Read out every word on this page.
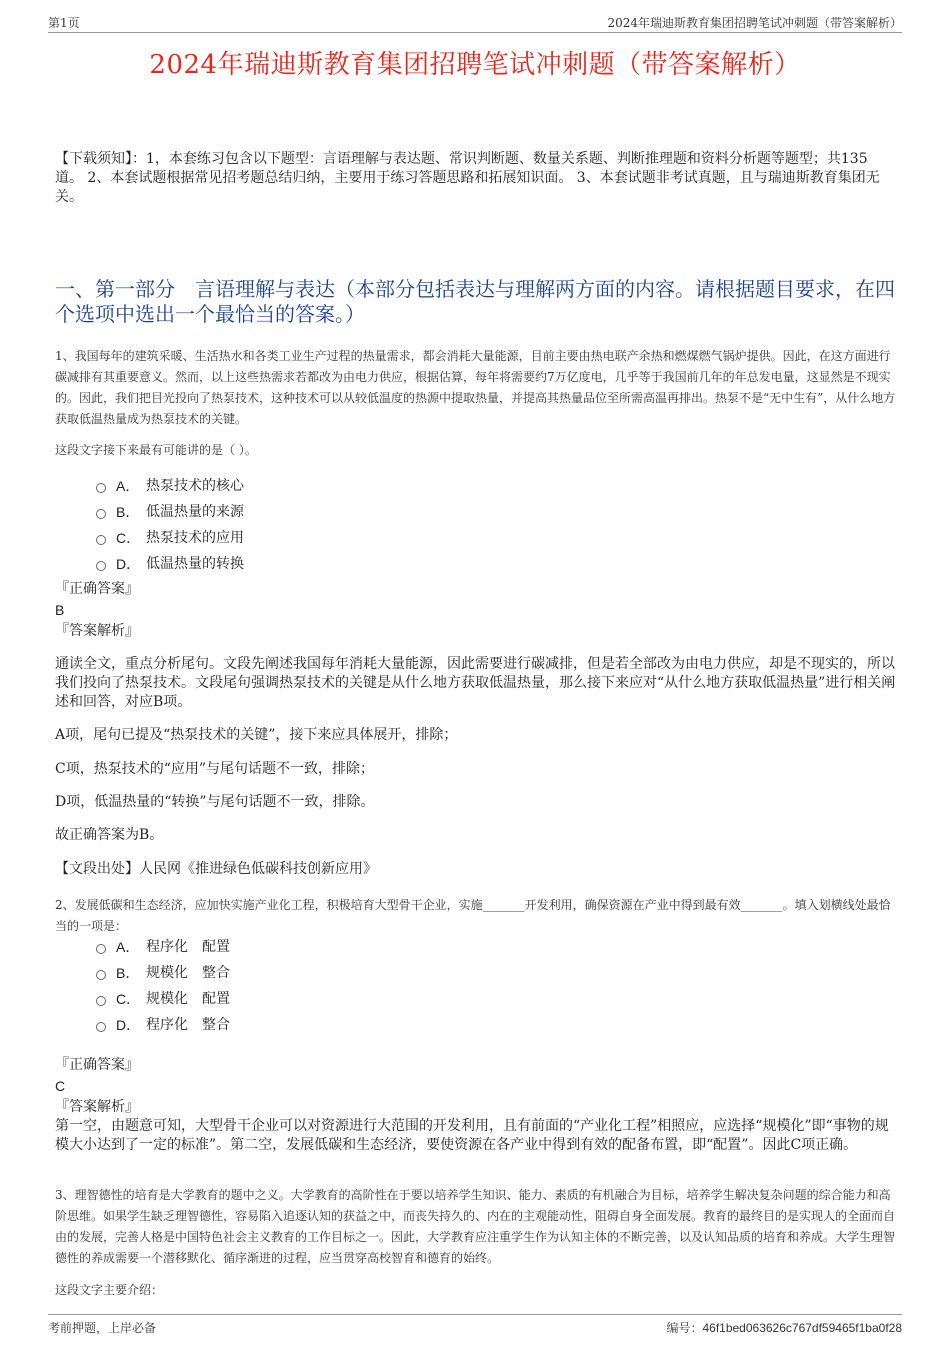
第1页	2024年瑞迪斯教育集团招聘笔试冲刺题（带答案解析）
2024年瑞迪斯教育集团招聘笔试冲刺题（带答案解析）
【下载须知】：1，本套练习包含以下题型：言语理解与表达题、常识判断题、数量关系题、判断推理题和资料分析题等题型；共135道。 2、本套试题根据常见招考题总结归纳，主要用于练习答题思路和拓展知识面。 3、本套试题非考试真题，且与瑞迪斯教育集团无关。
一、第一部分　言语理解与表达（本部分包括表达与理解两方面的内容。请根据题目要求，在四个选项中选出一个最恰当的答案。）
1、我国每年的建筑采暖、生活热水和各类工业生产过程的热量需求，都会消耗大量能源，目前主要由热电联产余热和燃煤燃气锅炉提供。因此，在这方面进行碳减排有其重要意义。然而，以上这些热需求若都改为由电力供应，根据估算，每年将需要约7万亿度电，几乎等于我国前几年的年总发电量，这显然是不现实的。因此，我们把目光投向了热泵技术，这种技术可以从较低温度的热源中提取热量，并提高其热量品位至所需高温再排出。热泵不是“无中生有”，从什么地方获取低温热量成为热泵技术的关键。
这段文字接下来最有可能讲的是（ ）。
A． 热泵技术的核心
B． 低温热量的来源
C． 热泵技术的应用
D． 低温热量的转换
『正确答案』
B
『答案解析』
通读全文，重点分析尾句。文段先阐述我国每年消耗大量能源，因此需要进行碳减排，但是若全部改为由电力供应，却是不现实的，所以我们投向了热泵技术。文段尾句强调热泵技术的关键是从什么地方获取低温热量，那么接下来应对“从什么地方获取低温热量”进行相关阐述和回答，对应B项。
A项，尾句已提及“热泵技术的关键”，接下来应具体展开，排除；
C项，热泵技术的“应用”与尾句话题不一致，排除；
D项，低温热量的“转换”与尾句话题不一致，排除。
故正确答案为B。
【文段出处】人民网《推进绿色低碳科技创新应用》
2、发展低碳和生态经济，应加快实施产业化工程，积极培育大型骨干企业，实施_______开发利用，确保资源在产业中得到最有效_______。填入划横线处最恰当的一项是：
A． 程序化　配置
B． 规模化　整合
C． 规模化　配置
D． 程序化　整合
『正确答案』
C
『答案解析』
第一空，由题意可知，大型骨干企业可以对资源进行大范围的开发利用，且有前面的“产业化工程”相照应，应选择“规模化”即“事物的规模大小达到了一定的标准”。第二空，发展低碳和生态经济，要使资源在各产业中得到有效的配备布置，即“配置”。因此C项正确。
3、理智德性的培育是大学教育的题中之义。大学教育的高阶性在于要以培养学生知识、能力、素质的有机融合为目标，培养学生解决复杂问题的综合能力和高阶思维。如果学生缺乏理智德性，容易陷入追逐认知的获益之中，而丧失持久的、内在的主观能动性，阻碍自身全面发展。教育的最终目的是实现人的全面而自由的发展，完善人格是中国特色社会主义教育的工作目标之一。因此，大学教育应注重学生作为认知主体的不断完善，以及认知品质的培育和养成。大学生理智德性的养成需要一个潜移默化、循序渐进的过程，应当贯穿高校智育和德育的始终。
这段文字主要介绍：
考前押题，上岸必备	编号：46f1bed063626c767df59465f1ba0f28
